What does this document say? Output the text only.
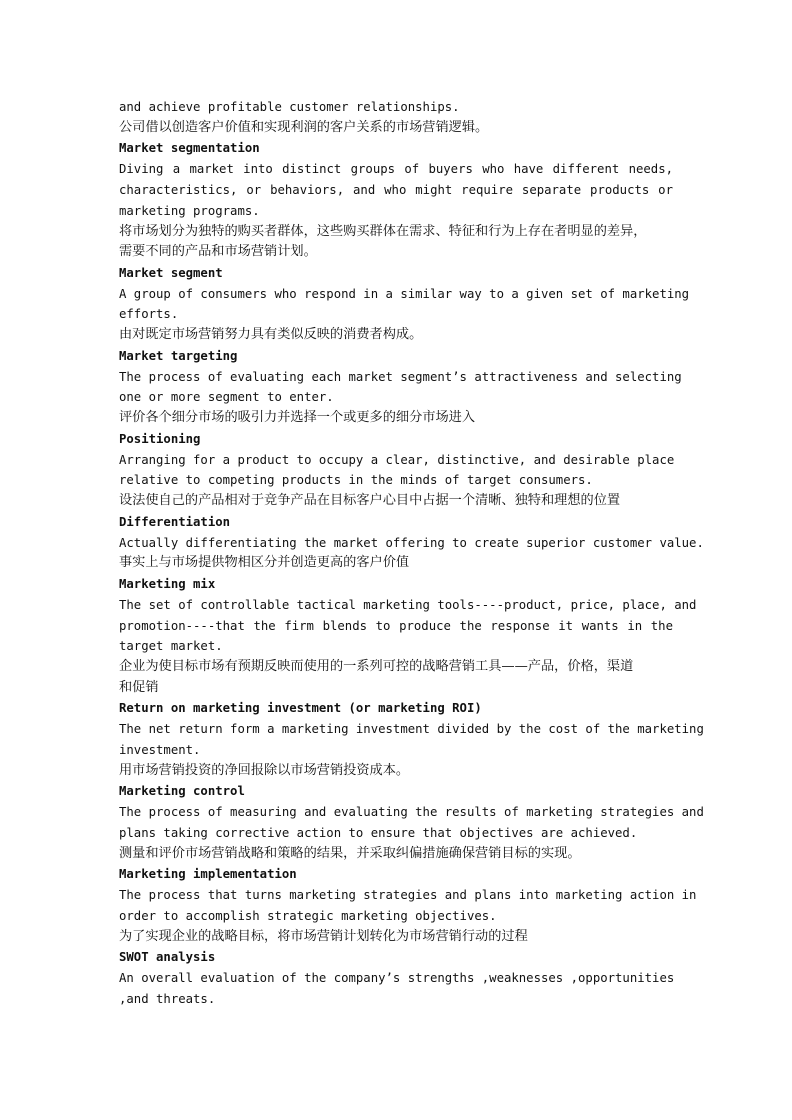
and achieve profitable customer relationships.
公司借以创造客户价值和实现利润的客户关系的市场营销逻辑。
Market segmentation
Diving a market into distinct groups of buyers who have different needs,
characteristics, or behaviors, and who might require separate products or
marketing programs.
将市场划分为独特的购买者群体，这些购买群体在需求、特征和行为上存在者明显的差异，
需要不同的产品和市场营销计划。
Market segment
A group of consumers who respond in a similar way to a given set of marketing
efforts.
由对既定市场营销努力具有类似反映的消费者构成。
Market targeting
The process of evaluating each market segment’s attractiveness and selecting
one or more segment to enter.
评价各个细分市场的吸引力并选择一个或更多的细分市场进入
Positioning
Arranging for a product to occupy a clear, distinctive, and desirable place
relative to competing products in the minds of target consumers.
设法使自己的产品相对于竞争产品在目标客户心目中占据一个清晰、独特和理想的位置
Differentiation
Actually differentiating the market offering to create superior customer value.
事实上与市场提供物相区分并创造更高的客户价值
Marketing mix
The set of controllable tactical marketing tools----product, price, place, and
promotion----that the firm blends to produce the response it wants in the
target market.
企业为使目标市场有预期反映而使用的一系列可控的战略营销工具——产品，价格，渠道
和促销
Return on marketing investment (or marketing ROI)
The net return form a marketing investment divided by the cost of the marketing
investment.
用市场营销投资的净回报除以市场营销投资成本。
Marketing control
The process of measuring and evaluating the results of marketing strategies and
plans taking corrective action to ensure that objectives are achieved.
测量和评价市场营销战略和策略的结果，并采取纠偏措施确保营销目标的实现。
Marketing implementation
The process that turns marketing strategies and plans into marketing action in
order to accomplish strategic marketing objectives.
为了实现企业的战略目标，将市场营销计划转化为市场营销行动的过程
SWOT analysis
An overall evaluation of the company’s strengths ,weaknesses ,opportunities
,and threats.
